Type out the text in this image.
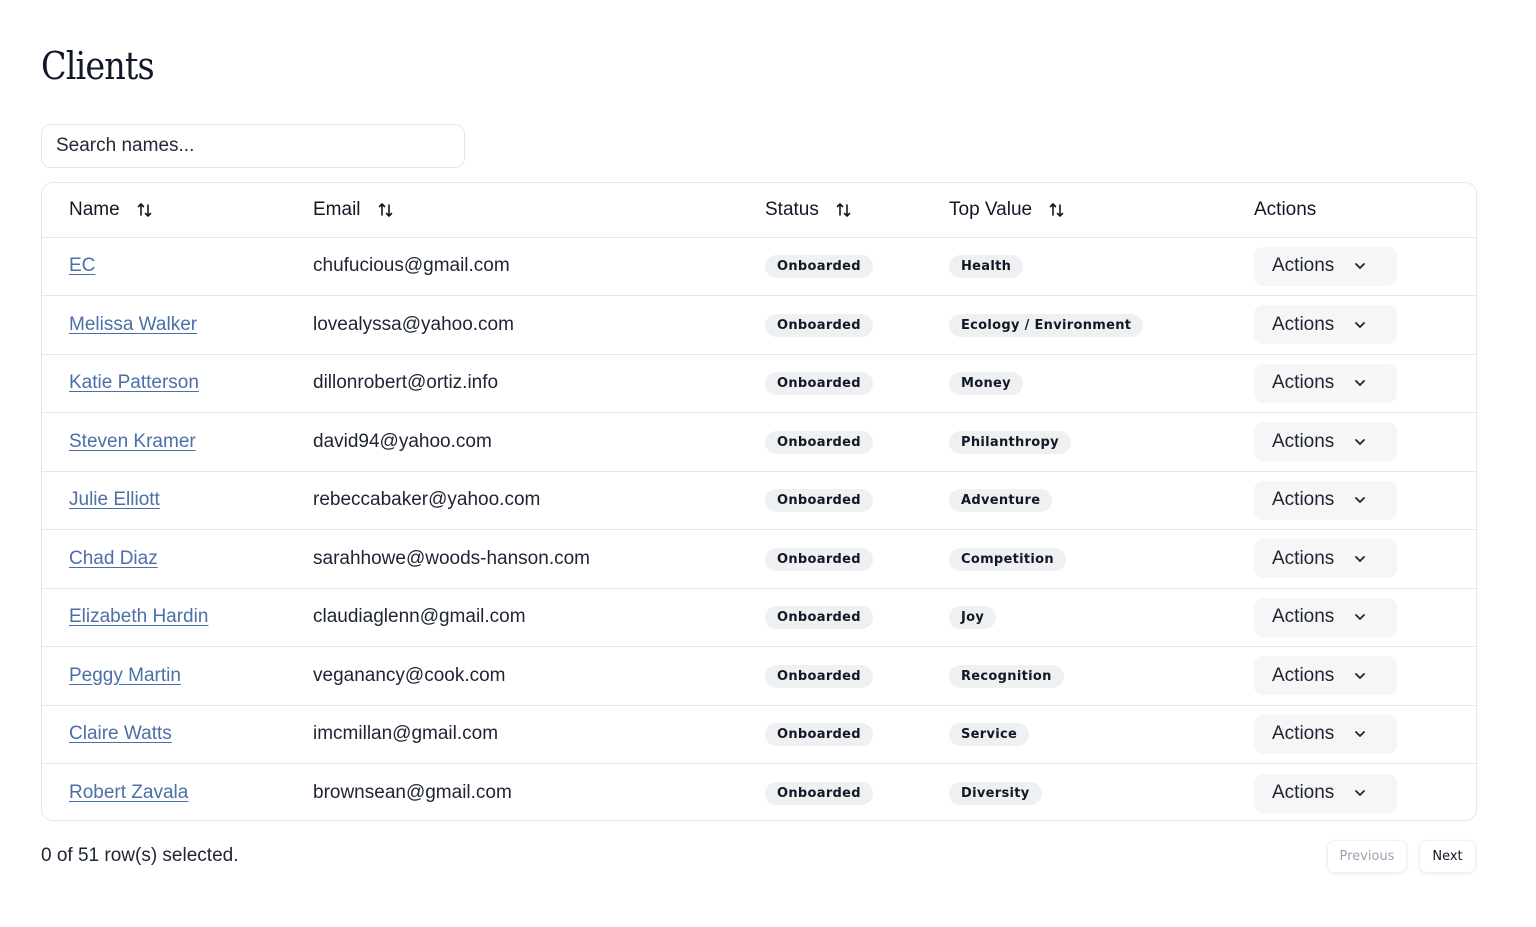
Clients
Search names...
Name	Email	Status	Top Value	Actions
EC	chufucious@gmail.com	Onboarded	Health	Actions

Melissa Walker	lovealyssa@yahoo.com	Onboarded	Ecology / Environment	Actions

Katie Patterson	dillonrobert@ortiz.info	Onboarded	Money	Actions

Steven Kramer	david94@yahoo.com	Onboarded	Philanthropy	Actions

Julie Elliott	rebeccabaker@yahoo.com	Onboarded	Adventure	Actions

Chad Diaz	sarahhowe@woods-hanson.com	Onboarded	Competition	Actions

Elizabeth Hardin	claudiaglenn@gmail.com	Onboarded	Joy	Actions

Peggy Martin	veganancy@cook.com	Onboarded	Recognition	Actions

Claire Watts	imcmillan@gmail.com	Onboarded	Service	Actions

Robert Zavala	brownsean@gmail.com	Onboarded	Diversity	Actions
0 of 51 row(s) selected.	Previous	Next
